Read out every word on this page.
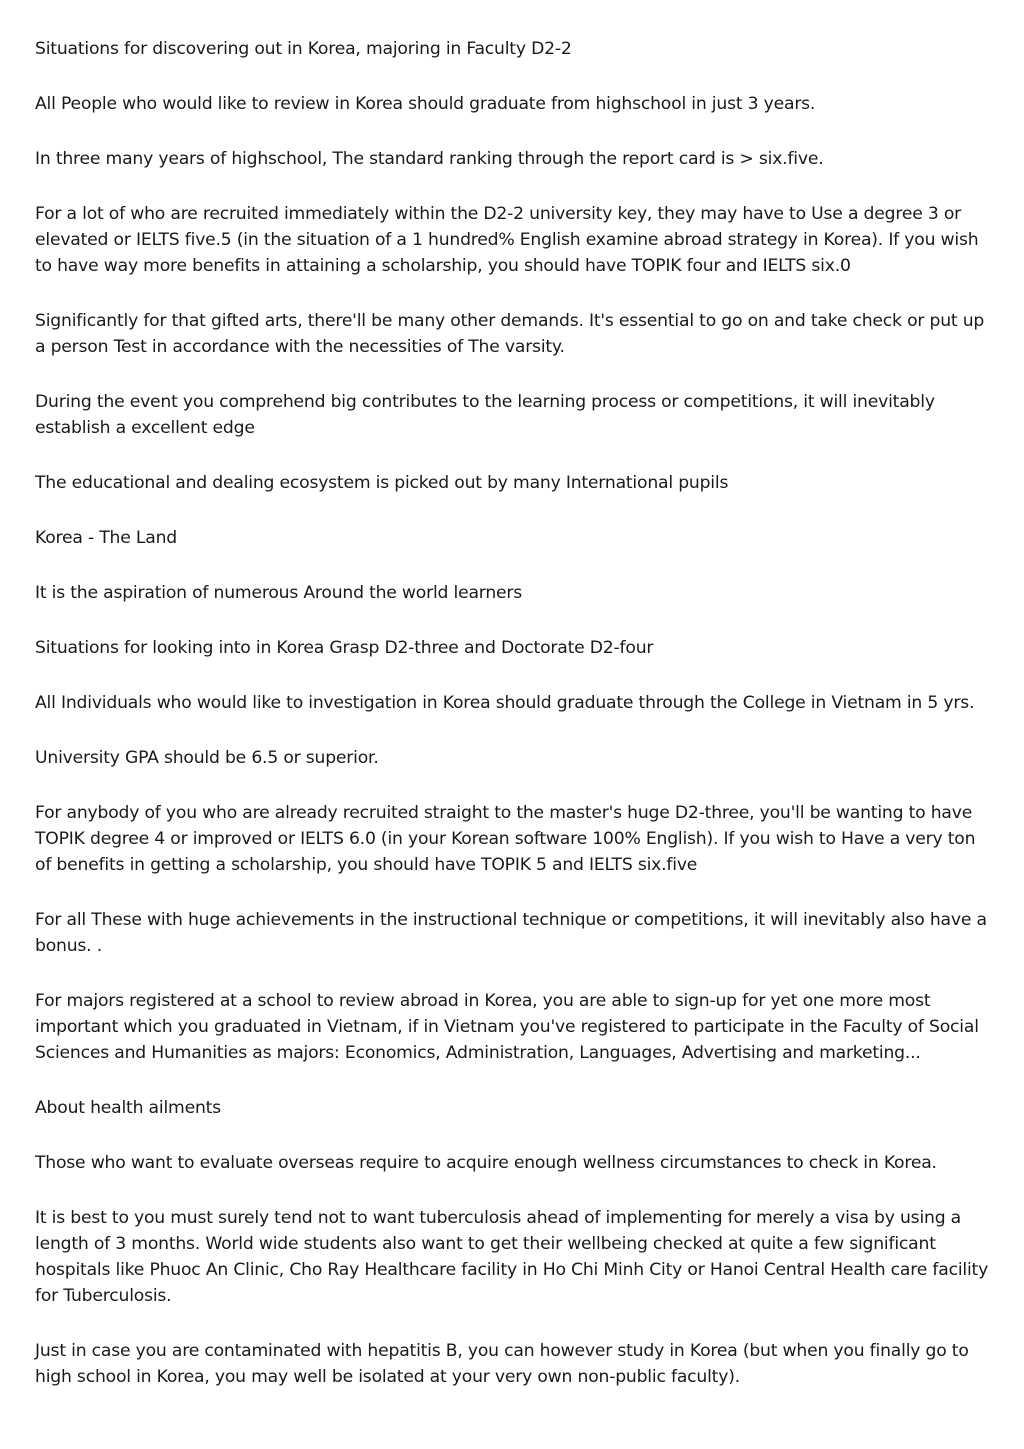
Situations for discovering out in Korea, majoring in Faculty D2-2

All People who would like to review in Korea should graduate from highschool in just 3 years.

In three many years of highschool, The standard ranking through the report card is > six.five.

For a lot of who are recruited immediately within the D2-2 university key, they may have to Use a degree 3 or elevated or IELTS five.5 (in the situation of a 1 hundred% English examine abroad strategy in Korea). If you wish to have way more benefits in attaining a scholarship, you should have TOPIK four and IELTS six.0

Significantly for that gifted arts, there'll be many other demands. It's essential to go on and take check or put up a person Test in accordance with the necessities of The varsity.

During the event you comprehend big contributes to the learning process or competitions, it will inevitably establish a excellent edge

The educational and dealing ecosystem is picked out by many International pupils

Korea - The Land

It is the aspiration of numerous Around the world learners

Situations for looking into in Korea Grasp D2-three and Doctorate D2-four

All Individuals who would like to investigation in Korea should graduate through the College in Vietnam in 5 yrs.

University GPA should be 6.5 or superior.

For anybody of you who are already recruited straight to the master's huge D2-three, you'll be wanting to have TOPIK degree 4 or improved or IELTS 6.0 (in your Korean software 100% English). If you wish to Have a very ton of benefits in getting a scholarship, you should have TOPIK 5 and IELTS six.five

For all These with huge achievements in the instructional technique or competitions, it will inevitably also have a bonus. .

For majors registered at a school to review abroad in Korea, you are able to sign-up for yet one more most important which you graduated in Vietnam, if in Vietnam you've registered to participate in the Faculty of Social Sciences and Humanities as majors: Economics, Administration, Languages, Advertising and marketing...

About health ailments

Those who want to evaluate overseas require to acquire enough wellness circumstances to check in Korea.

It is best to you must surely tend not to want tuberculosis ahead of implementing for merely a visa by using a length of 3 months. World wide students also want to get their wellbeing checked at quite a few significant hospitals like Phuoc An Clinic, Cho Ray Healthcare facility in Ho Chi Minh City or Hanoi Central Health care facility for Tuberculosis.

Just in case you are contaminated with hepatitis B, you can however study in Korea (but when you finally go to high school in Korea, you may well be isolated at your very own non-public faculty).
